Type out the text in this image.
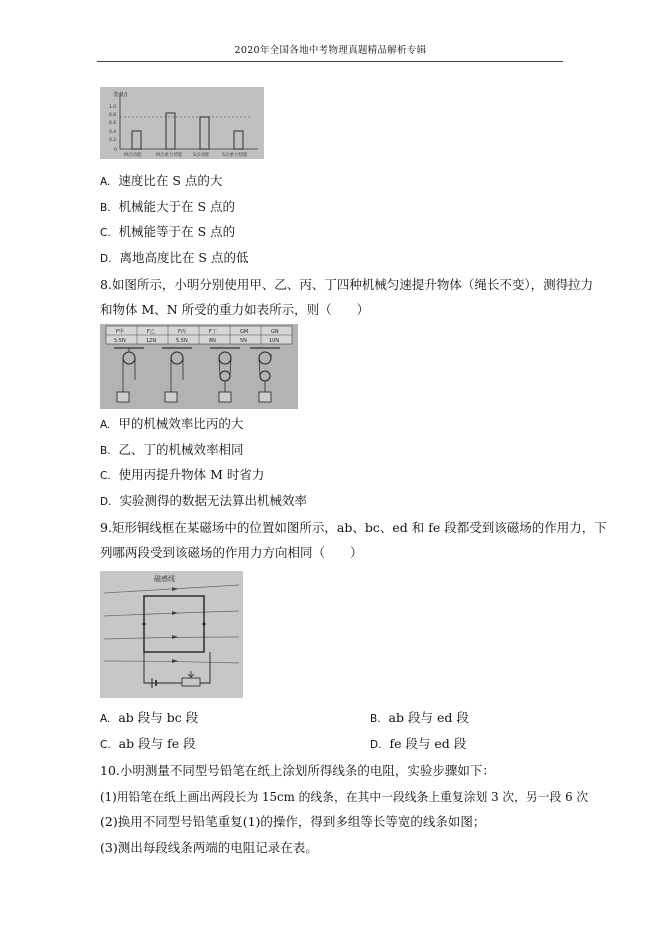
2020年全国各地中考物理真题精品解析专辑
能量/J
1.0
0.8
0.6
0.4
0.2
0
M点动能	M点重力势能 S点动能	S点重力势能
A. 速度比在 S 点的大
B. 机械能大于在 S 点的
C. 机械能等于在 S 点的
D. 离地高度比在 S 点的低
8.如图所示，小明分别使用甲、乙、丙、丁四种机械匀速提升物体（绳长不变），测得拉力
和物体 M、N 所受的重力如表所示，则（　　）
F甲	F乙	F丙	F丁	GM	GN
5.5N	12N	5.5N	8N	5N	10N
A. 甲的机械效率比丙的大
B. 乙、丁的机械效率相同
C. 使用丙提升物体 M 时省力
D. 实验测得的数据无法算出机械效率
9.矩形铜线框在某磁场中的位置如图所示，ab、bc、ed 和 fe 段都受到该磁场的作用力，下
列哪两段受到该磁场的作用力方向相同（　　）
磁感线
A. ab 段与 bc 段	B. ab 段与 ed 段
C. ab 段与 fe 段	D. fe 段与 ed 段
10.小明测量不同型号铅笔在纸上涂划所得线条的电阻，实验步骤如下：
(1)用铅笔在纸上画出两段长为 15cm 的线条，在其中一段线条上重复涂划 3 次，另一段 6 次
(2)换用不同型号铅笔重复(1)的操作，得到多组等长等宽的线条如图；
(3)测出每段线条两端的电阻记录在表。
